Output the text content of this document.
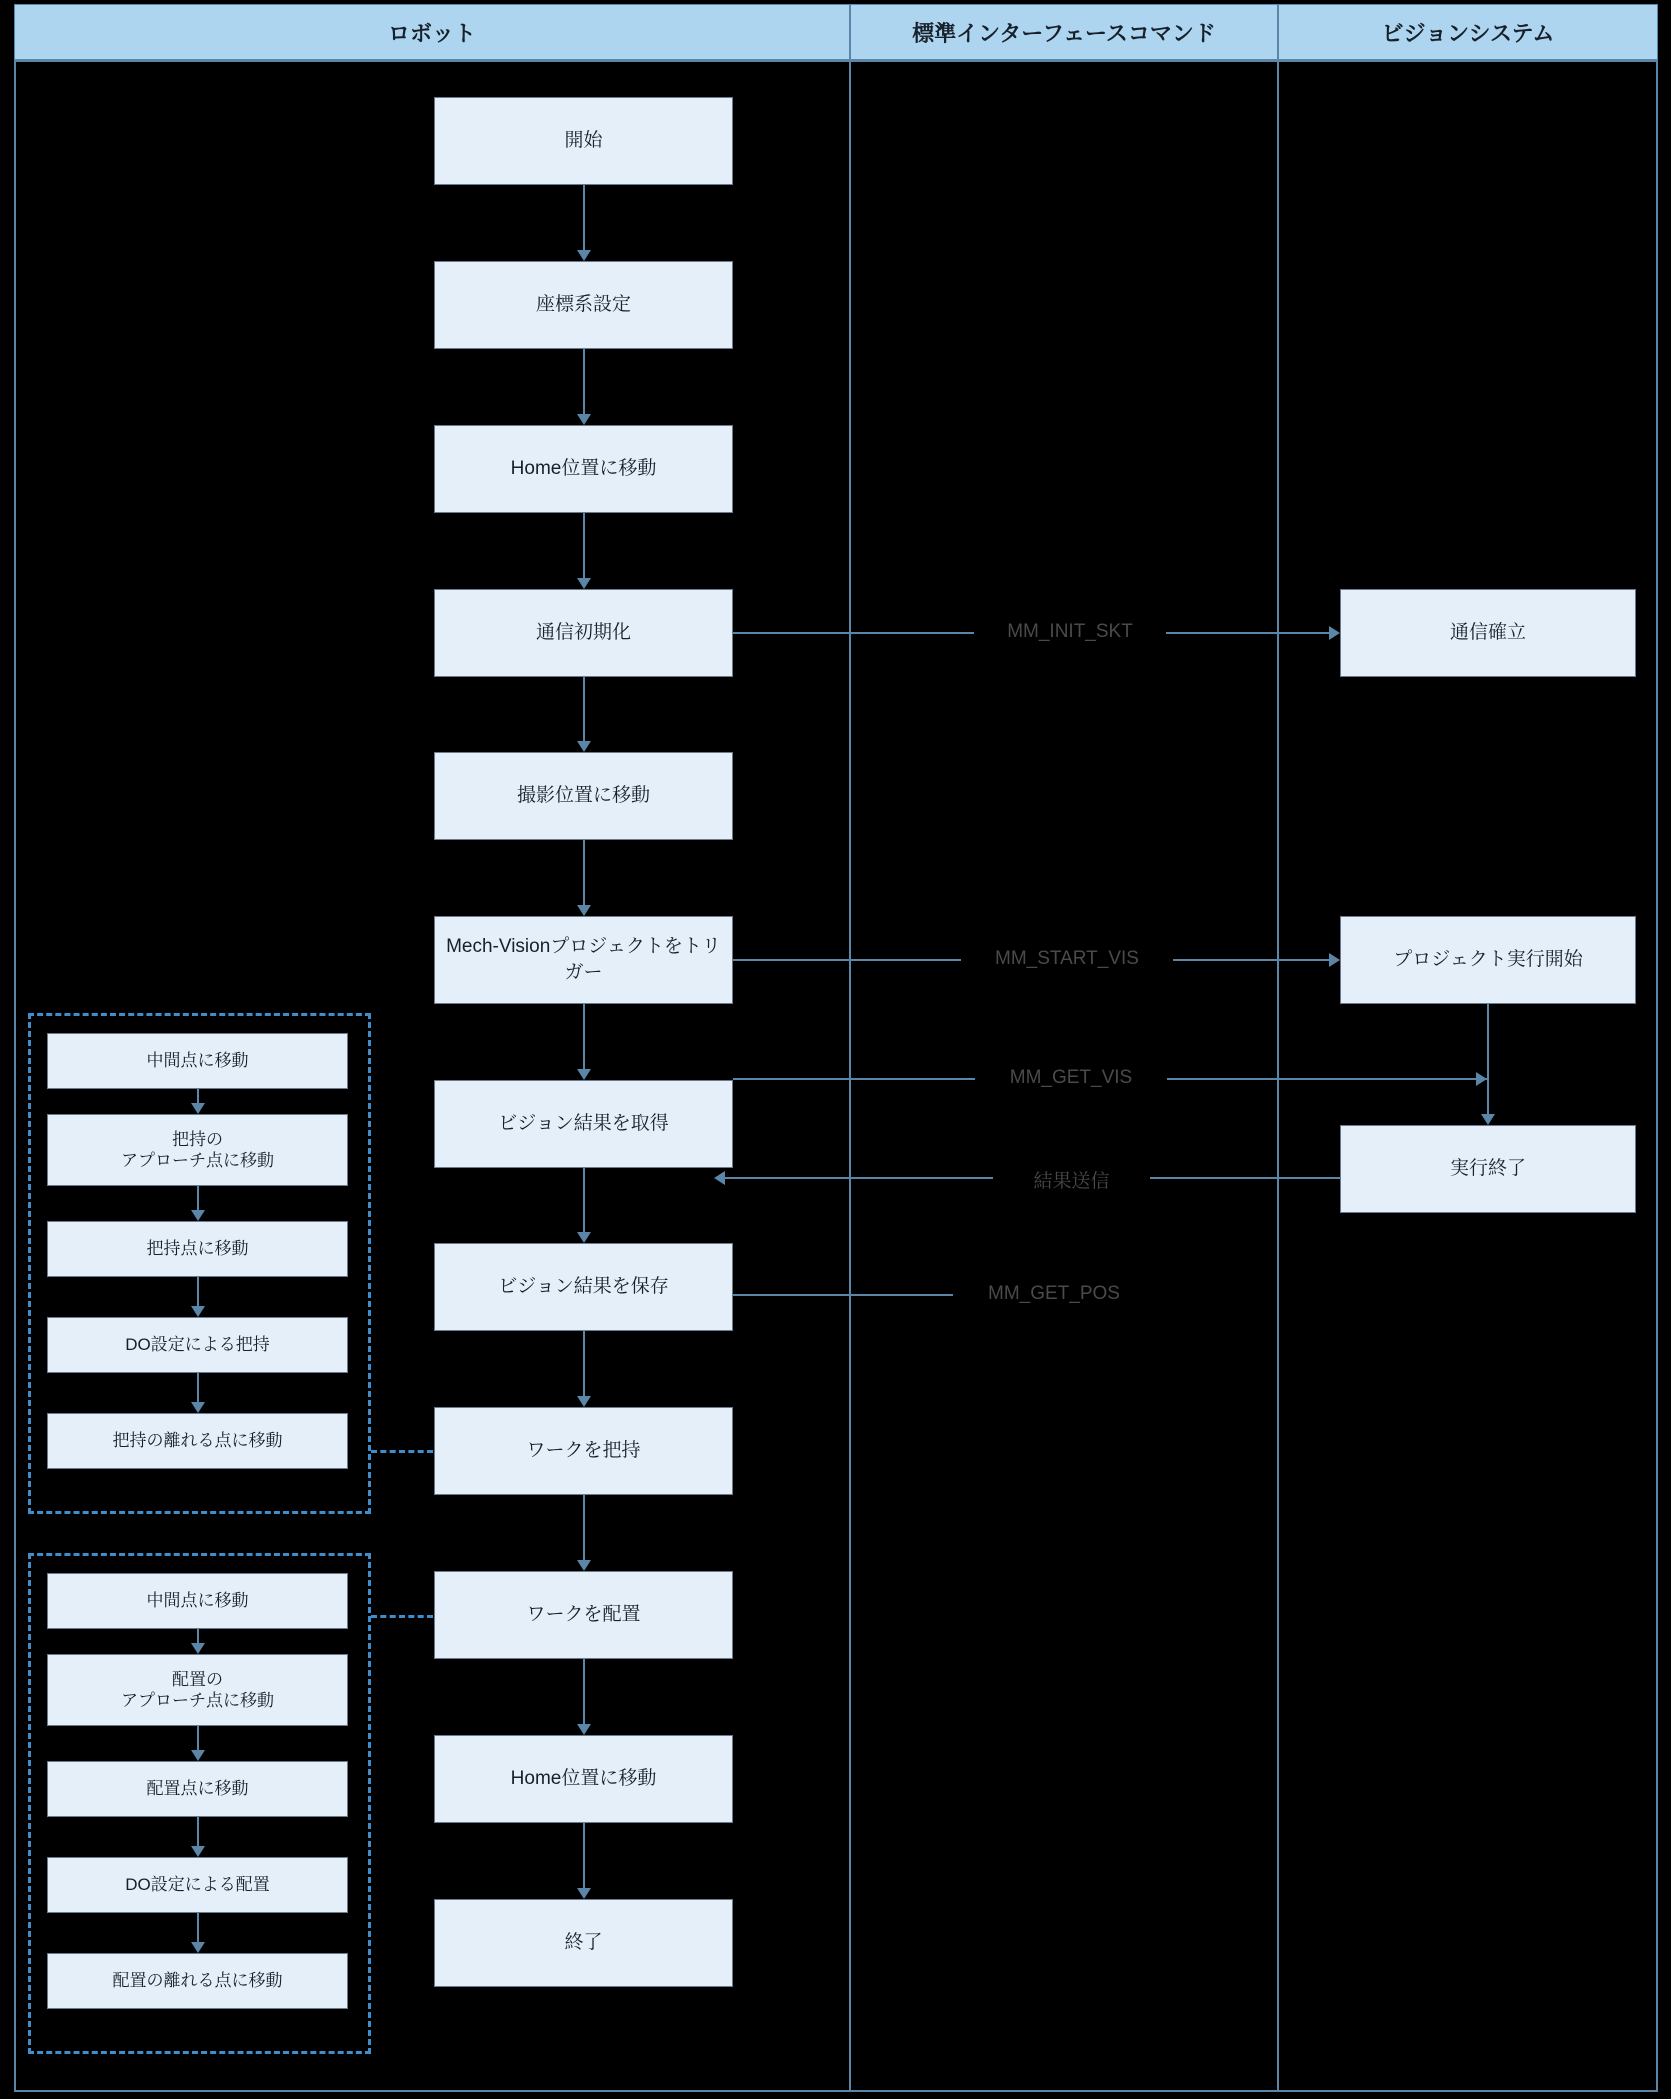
ロボット	標準インターフェースコマンド	ビジョンシステム
開始
座標系設定
Home位置に移動
通信初期化
撮影位置に移動
Mech-Visionプロジェクトをトリガー
ビジョン結果を取得
ビジョン結果を保存
ワークを把持
ワークを配置
Home位置に移動
終了
通信確立
プロジェクト実行開始
実行終了
MM_INIT_SKT
MM_START_VIS
MM_GET_VIS
結果送信
MM_GET_POS
中間点に移動
把持の
アプローチ点に移動
把持点に移動
DO設定による把持
把持の離れる点に移動
中間点に移動
配置の
アプローチ点に移動
配置点に移動
DO設定による配置
配置の離れる点に移動
